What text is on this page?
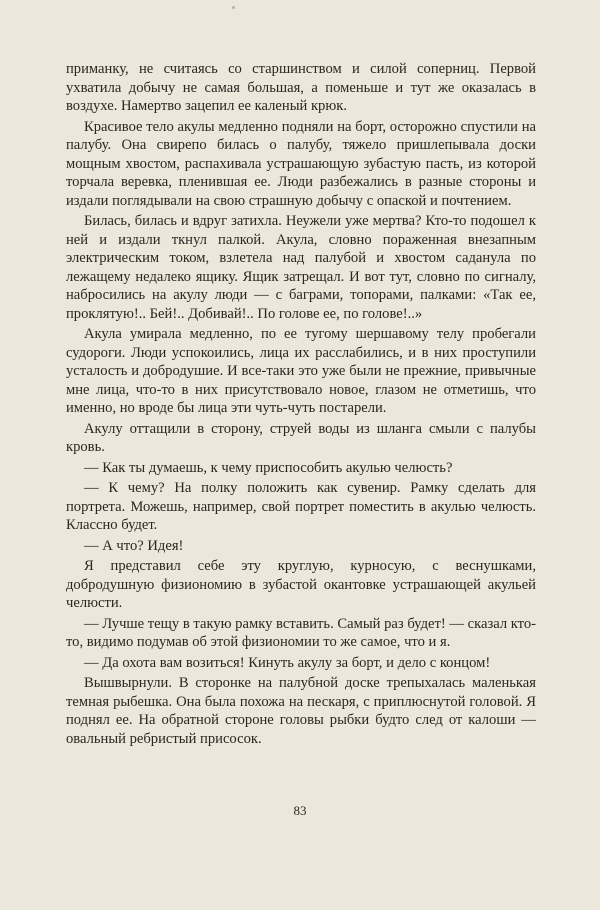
приманку, не считаясь со старшинством и силой соперниц. Первой ухватила добычу не самая большая, а поменьше и тут же оказалась в воздухе. Намертво зацепил ее каленый крюк.

Красивое тело акулы медленно подняли на борт, осторожно спустили на палубу. Она свирепо билась о палубу, тяжело пришлепывала доски мощным хвостом, распахивала устрашающую зубастую пасть, из которой торчала веревка, пленившая ее. Люди разбежались в разные стороны и издали поглядывали на свою страшную добычу с опаской и почтением.

Билась, билась и вдруг затихла. Неужели уже мертва? Кто-то подошел к ней и издали ткнул палкой. Акула, словно пораженная внезапным электрическим током, взлетела над палубой и хвостом саданула по лежащему недалеко ящику. Ящик затрещал. И вот тут, словно по сигналу, набросились на акулу люди — с баграми, топорами, палками: «Так ее, проклятую!.. Бей!.. Добивай!.. По голове ее, по голове!..»

Акула умирала медленно, по ее тугому шершавому телу пробегали судороги. Люди успокоились, лица их расслабились, и в них проступили усталость и добродушие. И все-таки это уже были не прежние, привычные мне лица, что-то в них присутствовало новое, глазом не отметишь, что именно, но вроде бы лица эти чуть-чуть постарели.

Акулу оттащили в сторону, струей воды из шланга смыли с палубы кровь.

— Как ты думаешь, к чему приспособить акулью челюсть?

— К чему? На полку положить как сувенир. Рамку сделать для портрета. Можешь, например, свой портрет поместить в акулью челюсть. Классно будет.

— А что? Идея!

Я представил себе эту круглую, курносую, с веснушками, добродушную физиономию в зубастой окантовке устрашающей акульей челюсти.

— Лучше тещу в такую рамку вставить. Самый раз будет! — сказал кто-то, видимо подумав об этой физиономии то же самое, что и я.

— Да охота вам возиться! Кинуть акулу за борт, и дело с концом!

Вышвырнули. В сторонке на палубной доске трепыхалась маленькая темная рыбешка. Она была похожа на пескаря, с приплюснутой головой. Я поднял ее. На обратной стороне головы рыбки будто след от калоши — овальный ребристый присосок.

83
